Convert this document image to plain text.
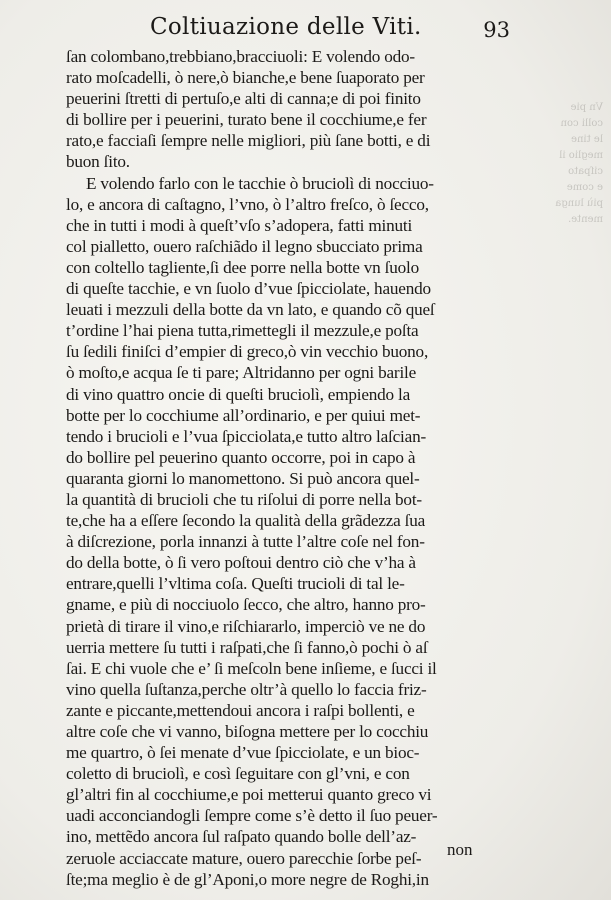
Vn pie
colli con
le tine
meglio il
ciſpato
e come
più lunga
mente.
Coltiuazione delle Viti.	93
ſan colombano,trebbiano,bracciuoli: E volendo odo-
rato moſcadelli, ò nere,ò bianche,e bene ſuaporato per
peuerini ſtretti di pertuſo,e alti di canna;e di poi finito
di bollire per i peuerini, turato bene il cocchiume,e fer
rato,e facciaſi ſempre nelle migliori, più ſane botti, e di
buon ſito.
E volendo farlo con le tacchie ò bruciolì di nocciuo-
lo, e ancora di caſtagno, l’vno, ò l’altro freſco, ò ſecco,
che in tutti i modi à queſt’vſo s’adopera, fatti minuti
col pialletto, ouero raſchiãdo il legno sbucciato prima
con coltello tagliente,ſi dee porre nella botte vn ſuolo
di queſte tacchie, e vn ſuolo d’vue ſpicciolate, hauendo
leuati i mezzuli della botte da vn lato, e quando cõ queſ
t’ordine l’hai piena tutta,rimettegli il mezzule,e poſta
ſu ſedili finiſci d’empier di greco,ò vin vecchio buono,
ò moſto,e acqua ſe ti pare; Altridanno per ogni barile
di vino quattro oncie di queſti bruciolì, empiendo la
botte per lo cocchiume all’ordinario, e per quiui met-
tendo i brucioli e l’vua ſpicciolata,e tutto altro laſcian-
do bollire pel peuerino quanto occorre, poi in capo à
quaranta giorni lo manomettono. Si può ancora quel-
la quantità di brucioli che tu riſolui di porre nella bot-
te,che ha a eſſere ſecondo la qualità della grãdezza ſua
à diſcrezione, porla innanzi à tutte l’altre coſe nel fon-
do della botte, ò ſi vero poſtoui dentro ciò che v’ha à
entrare,quelli l’vltima coſa. Queſti trucioli di tal le-
gname, e più di nocciuolo ſecco, che altro, hanno pro-
prietà di tirare il vino,e riſchiararlo, imperciò ve ne do
uerria mettere ſu tutti i raſpati,che ſi fanno,ò pochi ò aſ
ſai. E chi vuole che e’ ſi meſcoln bene inſieme, e ſucci il
vino quella ſuſtanza,perche oltr’à quello lo faccia friz-
zante e piccante,mettendoui ancora i raſpi bollenti, e
altre coſe che vi vanno, biſogna mettere per lo cocchiu
me quartro, ò ſei menate d’vue ſpicciolate, e un bioc-
coletto di bruciolì, e così ſeguitare con gl’vni, e con
gl’altri fin al cocchiume,e poi metterui quanto greco vi
uadi acconciandogli ſempre come s’è detto il ſuo peuer-
ino, mettẽdo ancora ſul raſpato quando bolle dell’az-
zeruole acciaccate mature, ouero parecchie ſorbe peſ-
ſte;ma meglio è de gl’Aponi,o more negre de Roghi,in
non
